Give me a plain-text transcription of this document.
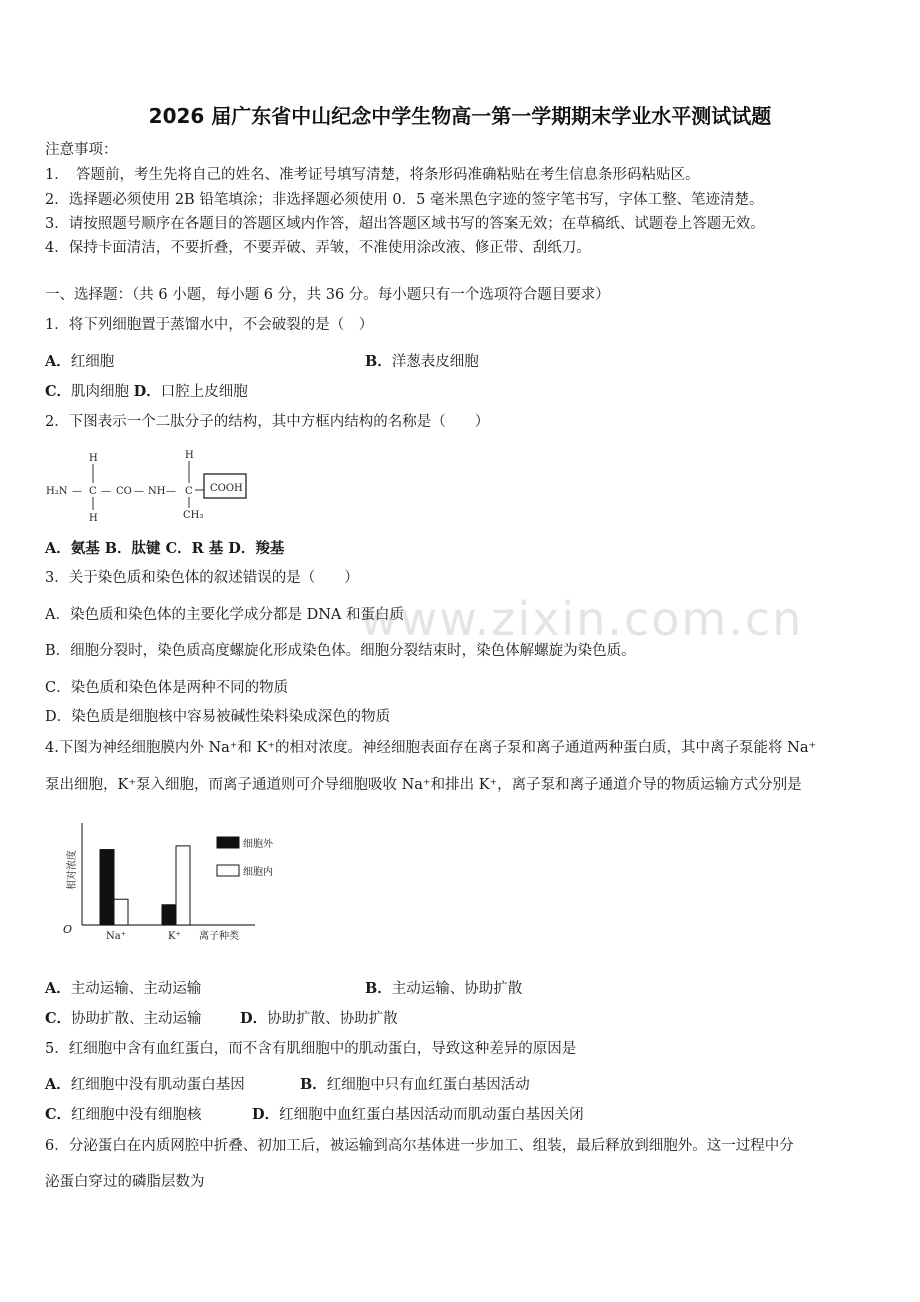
www.zixin.com.cn
2026 届广东省中山纪念中学生物高一第一学期期末学业水平测试试题
注意事项：
1．　答题前，考生先将自己的姓名、准考证号填写清楚，将条形码准确粘贴在考生信息条形码粘贴区。
2．选择题必须使用 2B 铅笔填涂；非选择题必须使用 0．5 毫米黑色字迹的签字笔书写，字体工整、笔迹清楚。
3．请按照题号顺序在各题目的答题区域内作答，超出答题区域书写的答案无效；在草稿纸、试题卷上答题无效。
4．保持卡面清洁，不要折叠，不要弄破、弄皱，不准使用涂改液、修正带、刮纸刀。
一、选择题：（共 6 小题，每小题 6 分，共 36 分。每小题只有一个选项符合题目要求）
1．将下列细胞置于蒸馏水中，不会破裂的是（　）
A．红细胞	B．洋葱表皮细胞
C．肌肉细胞 D．口腔上皮细胞
2．下图表示一个二肽分子的结构，其中方框内结构的名称是（　　）
H₂N —
H
C
H
— CO — NH —
H
C
CH₃
COOH
A．氨基 B．肽键 C．R 基 D．羧基
3．关于染色质和染色体的叙述错误的是（　　）
A．染色质和染色体的主要化学成分都是 DNA 和蛋白质
B．细胞分裂时，染色质高度螺旋化形成染色体。细胞分裂结束时，染色体解螺旋为染色质。
C．染色质和染色体是两种不同的物质
D．染色质是细胞核中容易被碱性染料染成深色的物质
4.下图为神经细胞膜内外 Na⁺和 K⁺的相对浓度。神经细胞表面存在离子泵和离子通道两种蛋白质，其中离子泵能将 Na⁺
泵出细胞，K⁺泵入细胞，而离子通道则可介导细胞吸收 Na⁺和排出 K⁺，离子泵和离子通道介导的物质运输方式分别是
O
相对浓度
离子种类
Na⁺	K⁺
细胞外
细胞内
A．主动运输、主动运输	B．主动运输、协助扩散
C．协助扩散、主动运输	D．协助扩散、协助扩散
5．红细胞中含有血红蛋白，而不含有肌细胞中的肌动蛋白，导致这种差异的原因是
A．红细胞中没有肌动蛋白基因	B．红细胞中只有血红蛋白基因活动
C．红细胞中没有细胞核	D．红细胞中血红蛋白基因活动而肌动蛋白基因关闭
6．分泌蛋白在内质网腔中折叠、初加工后，被运输到高尔基体进一步加工、组装，最后释放到细胞外。这一过程中分
泌蛋白穿过的磷脂层数为
